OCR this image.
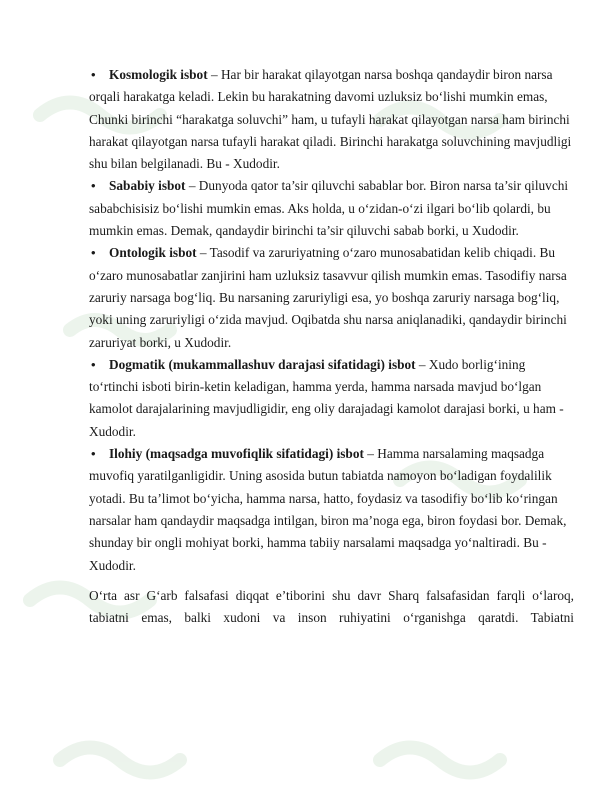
• Kosmologik isbot – Har bir harakat qilayotgan narsa boshqa qandaydir biron narsa orqali harakatga keladi. Lekin bu harakatning davomi uzluksiz bo‘lishi mumkin emas, Chunki birinchi “harakatga soluvchi” ham, u tufayli harakat qilayotgan narsa ham birinchi harakat qilayotgan narsa tufayli harakat qiladi. Birinchi harakatga soluvchining mavjudligi shu bilan belgilanadi. Bu - Xudodir.

• Sababiy isbot – Dunyoda qator ta’sir qiluvchi sabablar bor. Biron narsa ta’sir qiluvchi sababchisisiz bo‘lishi mumkin emas. Aks holda, u o‘zidan-o‘zi ilgari bo‘lib qolardi, bu mumkin emas. Demak, qandaydir birinchi ta’sir qiluvchi sabab borki, u Xudodir.

• Ontologik isbot – Tasodif va zaruriyatning o‘zaro munosabatidan kelib chiqadi. Bu o‘zaro munosabatlar zanjirini ham uzluksiz tasavvur qilish mumkin emas. Tasodifiy narsa zaruriy narsaga bog‘liq. Bu narsaning zaruriyligi esa, yo boshqa zaruriy narsaga bog‘liq, yoki uning zaruriyligi o‘zida mavjud. Oqibatda shu narsa aniqlanadiki, qandaydir birinchi zaruriyat borki, u Xudodir.

• Dogmatik (mukammallashuv darajasi sifatidagi) isbot – Xudo borlig‘ining to‘rtinchi isboti birin-ketin keladigan, hamma yerda, hamma narsada mavjud bo‘lgan kamolot darajalarining mavjudligidir, eng oliy darajadagi kamolot darajasi borki, u ham -Xudodir.

• Ilohiy (maqsadga muvofiqlik sifatidagi) isbot – Hamma narsalaming maqsadga muvofiq yaratilganligidir. Uning asosida butun tabiatda namoyon bo‘ladigan foydalilik yotadi. Bu ta’limot bo‘yicha, hamma narsa, hatto, foydasiz va tasodifiy bo‘lib ko‘ringan narsalar ham qandaydir maqsadga intilgan, biron ma’noga ega, biron foydasi bor. Demak, shunday bir ongli mohiyat borki, hamma tabiiy narsalami maqsadga yo‘naltiradi. Bu -Xudodir.

O‘rta asr G‘arb falsafasi diqqat e’tiborini shu davr Sharq falsafasidan farqli o‘laroq, tabiatni emas, balki xudoni va inson ruhiyatini o‘rganishga qaratdi. Tabiatni
